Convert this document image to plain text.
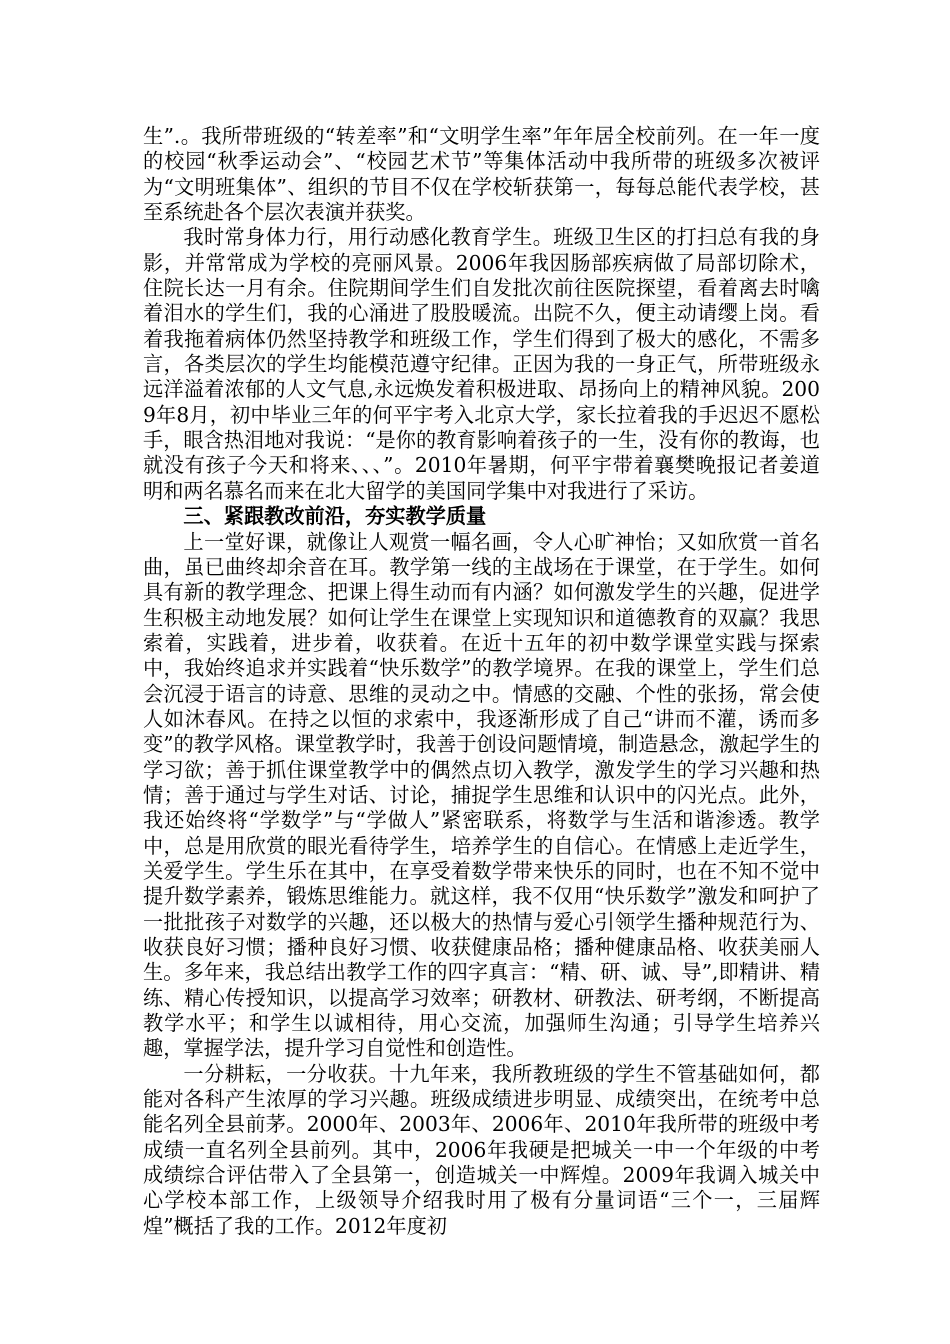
生”.。我所带班级的“转差率”和“文明学生率”年年居全校前列。在一年一度的校园“秋季运动会”、“校园艺术节”等集体活动中我所带的班级多次被评为“文明班集体”、组织的节目不仅在学校斩获第一，每每总能代表学校，甚至系统赴各个层次表演并获奖。

我时常身体力行，用行动感化教育学生。班级卫生区的打扫总有我的身影，并常常成为学校的亮丽风景。2006年我因肠部疾病做了局部切除术，住院长达一月有余。住院期间学生们自发批次前往医院探望，看着离去时噙着泪水的学生们，我的心涌进了股股暖流。出院不久，便主动请缨上岗。看着我拖着病体仍然坚持教学和班级工作，学生们得到了极大的感化，不需多言，各类层次的学生均能模范遵守纪律。正因为我的一身正气，所带班级永远洋溢着浓郁的人文气息,永远焕发着积极进取、昂扬向上的精神风貌。2009年8月，初中毕业三年的何平宇考入北京大学，家长拉着我的手迟迟不愿松手，眼含热泪地对我说：“是你的教育影响着孩子的一生，没有你的教诲，也就没有孩子今天和将来、、、”。2010年暑期，何平宇带着襄樊晚报记者姜道明和两名慕名而来在北大留学的美国同学集中对我进行了采访。

三、紧跟教改前沿，夯实教学质量

上一堂好课，就像让人观赏一幅名画，令人心旷神怡；又如欣赏一首名曲，虽已曲终却余音在耳。教学第一线的主战场在于课堂，在于学生。如何具有新的教学理念、把课上得生动而有内涵？如何激发学生的兴趣，促进学生积极主动地发展？如何让学生在课堂上实现知识和道德教育的双赢？我思索着，实践着，进步着，收获着。在近十五年的初中数学课堂实践与探索中，我始终追求并实践着“快乐数学”的教学境界。在我的课堂上，学生们总会沉浸于语言的诗意、思维的灵动之中。情感的交融、个性的张扬，常会使人如沐春风。在持之以恒的求索中，我逐渐形成了自己“讲而不灌，诱而多变”的教学风格。课堂教学时，我善于创设问题情境，制造悬念，激起学生的学习欲；善于抓住课堂教学中的偶然点切入教学，激发学生的学习兴趣和热情；善于通过与学生对话、讨论，捕捉学生思维和认识中的闪光点。此外，我还始终将“学数学”与“学做人”紧密联系，将数学与生活和谐渗透。教学中，总是用欣赏的眼光看待学生，培养学生的自信心。在情感上走近学生，关爱学生。学生乐在其中，在享受着数学带来快乐的同时，也在不知不觉中提升数学素养，锻炼思维能力。就这样，我不仅用“快乐数学”激发和呵护了一批批孩子对数学的兴趣，还以极大的热情与爱心引领学生播种规范行为、收获良好习惯；播种良好习惯、收获健康品格；播种健康品格、收获美丽人生。多年来，我总结出教学工作的四字真言：“精、研、诚、导”,即精讲、精练、精心传授知识，以提高学习效率；研教材、研教法、研考纲，不断提高教学水平；和学生以诚相待，用心交流，加强师生沟通；引导学生培养兴趣，掌握学法，提升学习自觉性和创造性。

一分耕耘，一分收获。十九年来，我所教班级的学生不管基础如何，都能对各科产生浓厚的学习兴趣。班级成绩进步明显、成绩突出，在统考中总能名列全县前茅。2000年、2003年、2006年、2010年我所带的班级中考成绩一直名列全县前列。其中，2006年我硬是把城关一中一个年级的中考成绩综合评估带入了全县第一，创造城关一中辉煌。2009年我调入城关中心学校本部工作，上级领导介绍我时用了极有分量词语“三个一，三届辉煌”概括了我的工作。2012年度初
